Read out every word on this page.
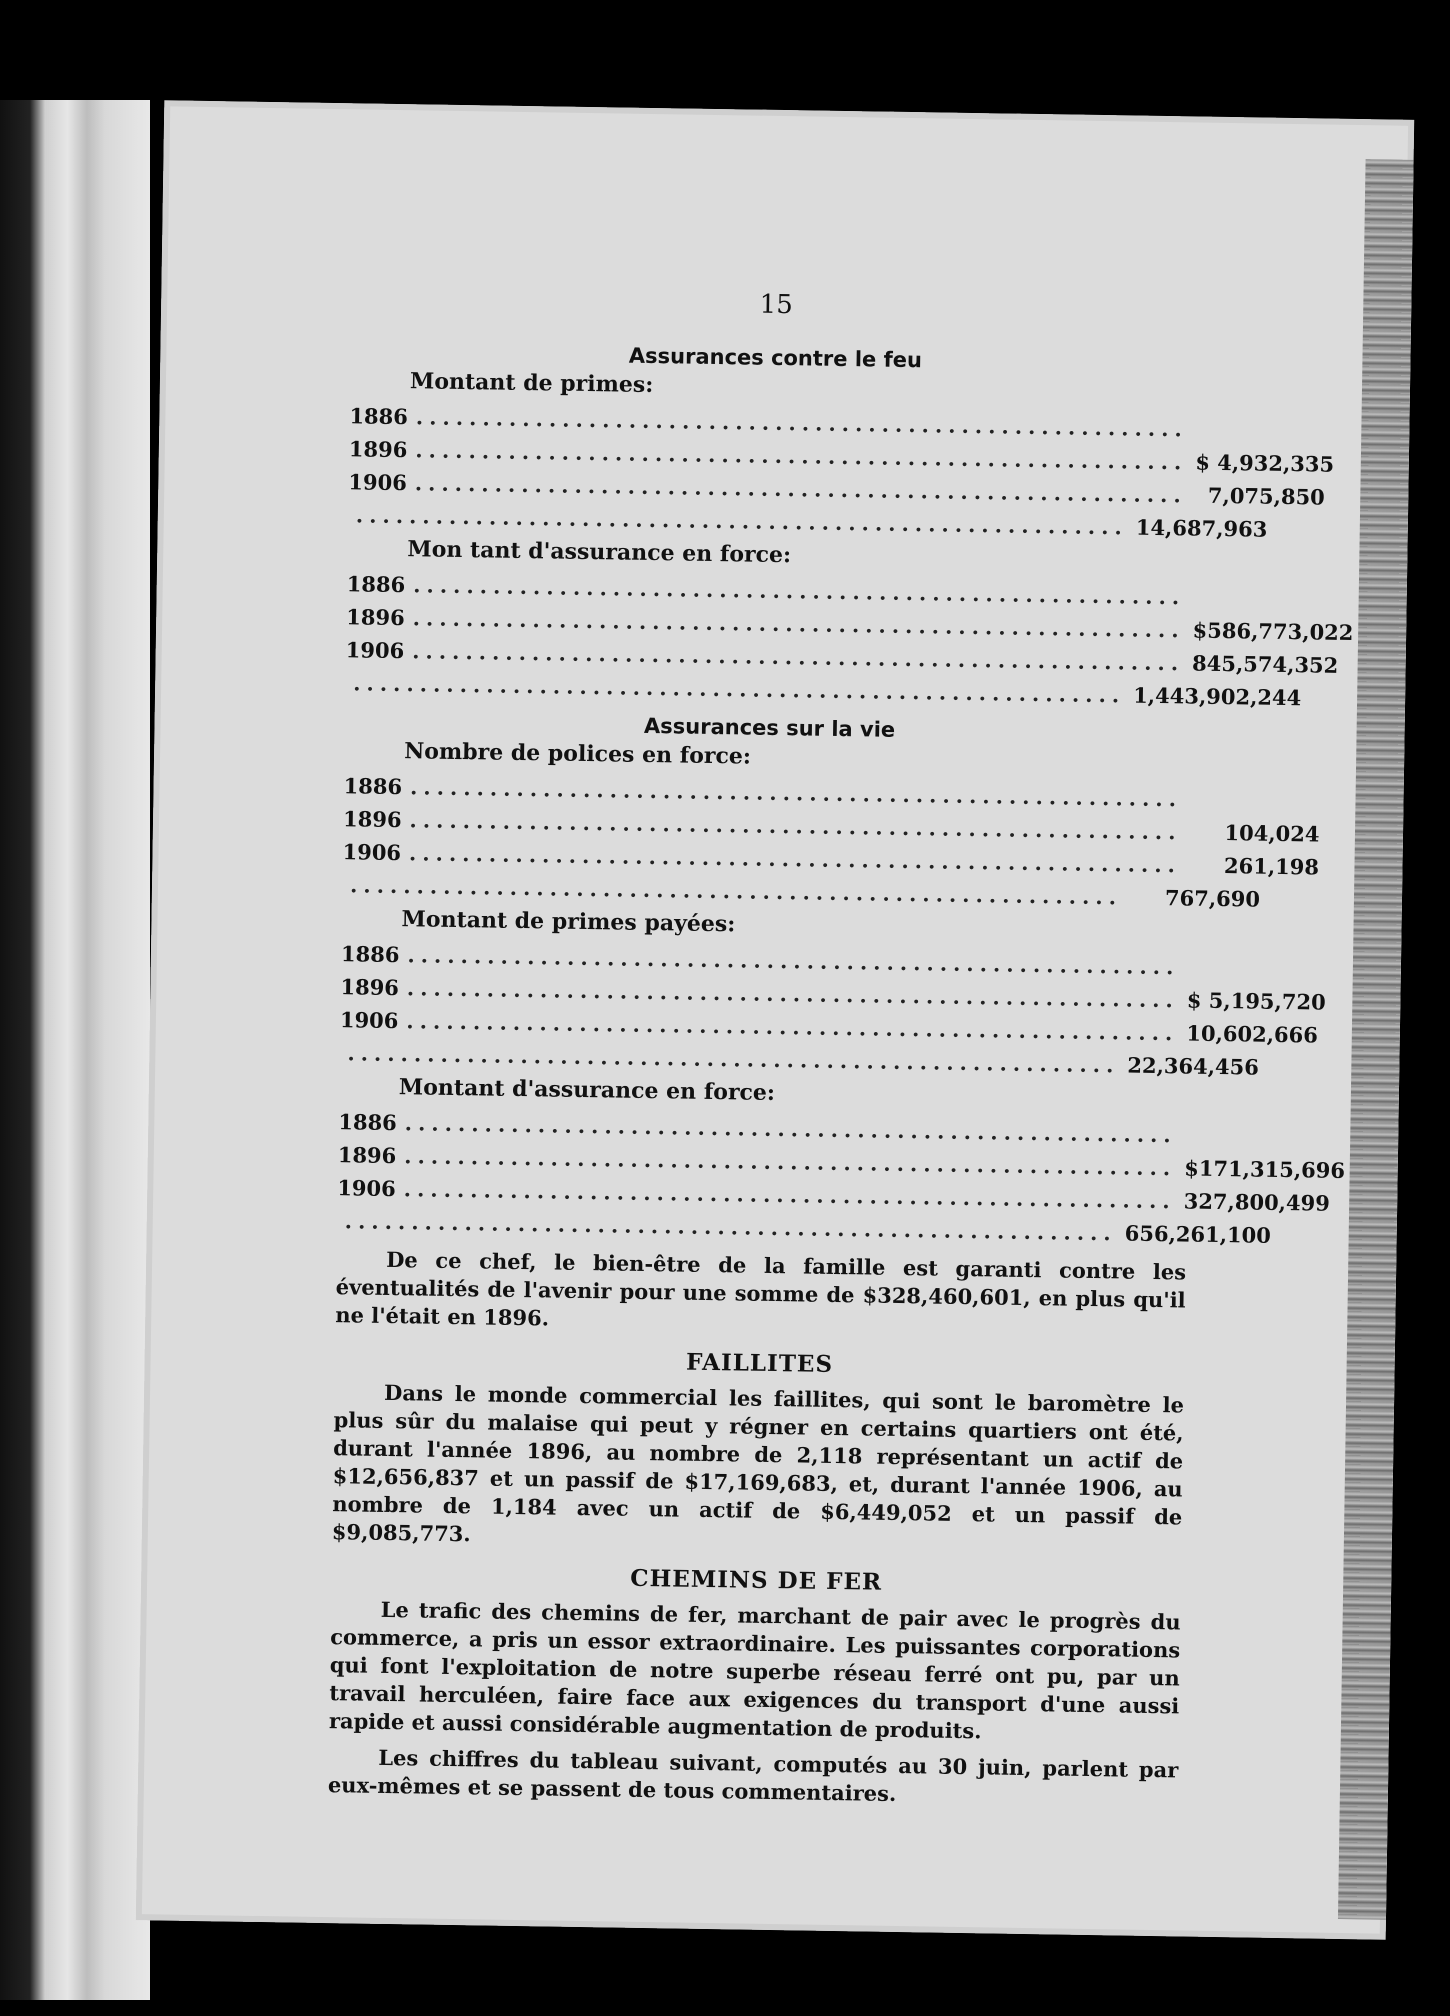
15
Assurances contre le feu
Montant de primes:
1886 ..........................................................
1896 .......................................................... $ 4,932,335
1906 .......................................................... 7,075,850
.......................................................... 14,687,963
Mon tant d'assurance en force:
1886 ..........................................................
1896 .......................................................... $586,773,022
1906 .......................................................... 845,574,352
.......................................................... 1,443,902,244
Assurances sur la vie
Nombre de polices en force:
1886 ..........................................................
1896 ..........................................................	104,024
1906 ..........................................................	261,198
..........................................................	767,690
Montant de primes payées:
1886 ..........................................................
1896 .......................................................... $ 5,195,720
1906 .......................................................... 10,602,666
.......................................................... 22,364,456
Montant d'assurance en force:
1886 ..........................................................
1896 .......................................................... $171,315,696
1906 .......................................................... 327,800,499
.......................................................... 656,261,100

De ce chef, le bien-être de la famille est garanti contre les éventualités de l'avenir pour une somme de $328,460,601, en plus qu'il ne l'était en 1896.

FAILLITES

Dans le monde commercial les faillites, qui sont le baromètre le plus sûr du malaise qui peut y régner en certains quartiers ont été, durant l'année 1896, au nombre de 2,118 représentant un actif de $12,656,837 et un passif de $17,169,683, et, durant l'année 1906, au nombre de 1,184 avec un actif de $6,449,052 et un passif de $9,085,773.

CHEMINS DE FER

Le trafic des chemins de fer, marchant de pair avec le progrès du commerce, a pris un essor extraordinaire. Les puissantes corporations qui font l'exploitation de notre superbe réseau ferré ont pu, par un travail herculéen, faire face aux exigences du transport d'une aussi rapide et aussi considérable augmentation de produits.

Les chiffres du tableau suivant, computés au 30 juin, parlent par eux-mêmes et se passent de tous commentaires.
